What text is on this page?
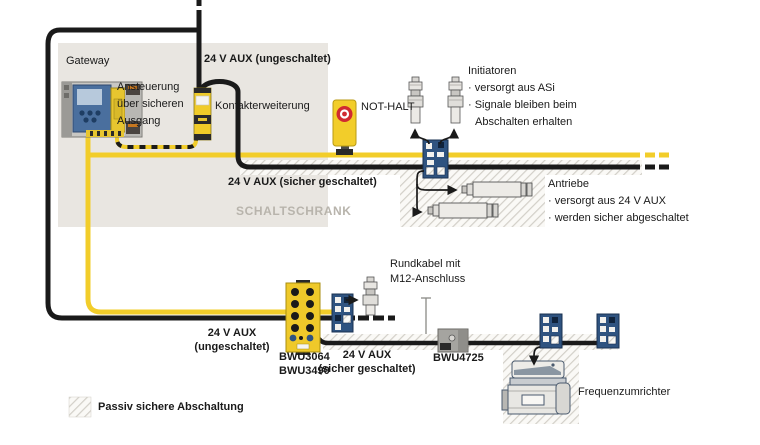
Gateway
Ansteuerung
über sicheren
Ausgang
24 V AUX (ungeschaltet)
Kontakterweiterung	NOT-HALT
Initiatoren
· versorgt aus ASi
· Signale bleiben beim
Abschalten erhalten
24 V AUX (sicher geschaltet)
SCHALTSCHRANK
Antriebe
· versorgt aus 24 V AUX
· werden sicher abgeschaltet
Rundkabel mit
M12-Anschluss
24 V AUX
(ungeschaltet)
BWU3064
BWU3490
24 V AUX
(sicher geschaltet)
BWU4725
Frequenzumrichter
Passiv sichere Abschaltung
